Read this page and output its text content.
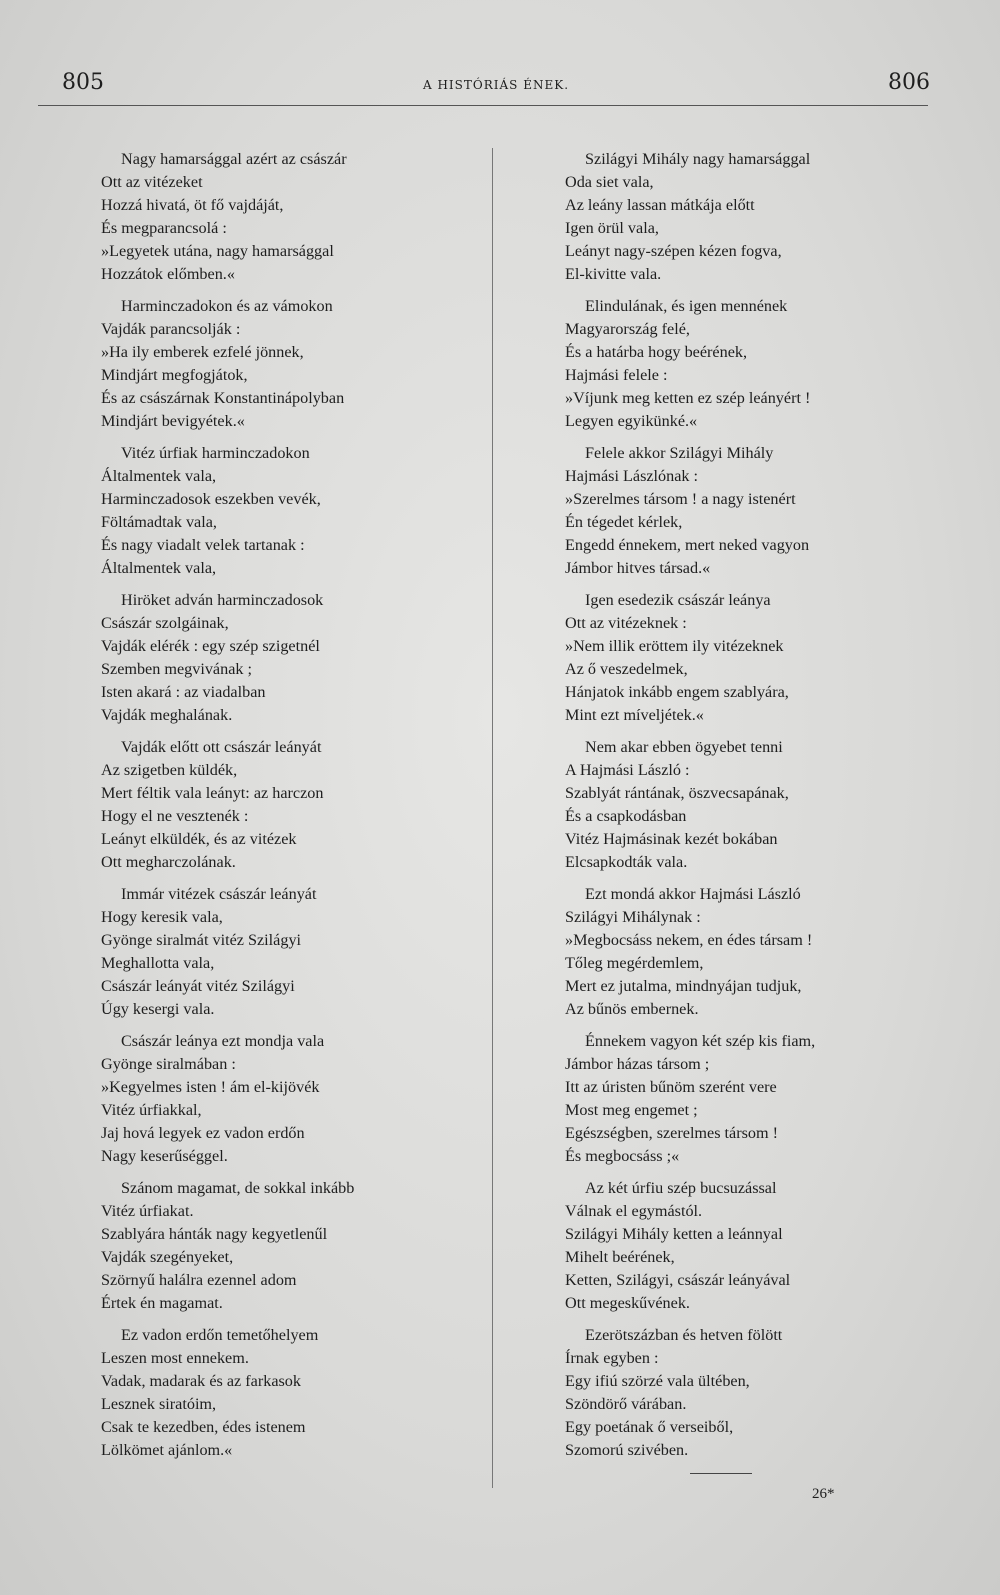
805	A HISTÓRIÁS ÉNEK.	806
Nagy hamarsággal azért az császár
Ott az vitézeket
Hozzá hivatá, öt fő vajdáját,
És megparancsolá :
»Legyetek utána, nagy hamarsággal
Hozzátok előmben.«
Harminczadokon és az vámokon
Vajdák parancsolják :
»Ha ily emberek ezfelé jönnek,
Mindjárt megfogjátok,
És az császárnak Konstantinápolyban
Mindjárt bevigyétek.«
Vitéz úrfiak harminczadokon
Általmentek vala,
Harminczadosok eszekben vevék,
Föltámadtak vala,
És nagy viadalt velek tartanak :
Általmentek vala,
Hiröket adván harminczadosok
Császár szolgáinak,
Vajdák elérék : egy szép szigetnél
Szemben megvivának ;
Isten akará : az viadalban
Vajdák meghalának.
Vajdák előtt ott császár leányát
Az szigetben küldék,
Mert féltik vala leányt: az harczon
Hogy el ne vesztenék :
Leányt elküldék, és az vitézek
Ott megharczolának.
Immár vitézek császár leányát
Hogy keresik vala,
Gyönge siralmát vitéz Szilágyi
Meghallotta vala,
Császár leányát vitéz Szilágyi
Úgy kesergi vala.
Császár leánya ezt mondja vala
Gyönge siralmában :
»Kegyelmes isten ! ám el-kijövék
Vitéz úrfiakkal,
Jaj hová legyek ez vadon erdőn
Nagy keserűséggel.
Szánom magamat, de sokkal inkább
Vitéz úrfiakat.
Szablyára hánták nagy kegyetlenűl
Vajdák szegényeket,
Szörnyű halálra ezennel adom
Értek én magamat.
Ez vadon erdőn temetőhelyem
Leszen most ennekem.
Vadak, madarak és az farkasok
Lesznek siratóim,
Csak te kezedben, édes istenem
Lölkömet ajánlom.«
Szilágyi Mihály nagy hamarsággal
Oda siet vala,
Az leány lassan mátkája előtt
Igen örül vala,
Leányt nagy-szépen kézen fogva,
El-kivitte vala.
Elindulának, és igen mennének
Magyarország felé,
És a határba hogy beérének,
Hajmási felele :
»Víjunk meg ketten ez szép leányért !
Legyen egyikünké.«
Felele akkor Szilágyi Mihály
Hajmási Lászlónak :
»Szerelmes társom ! a nagy istenért
Én tégedet kérlek,
Engedd énnekem, mert neked vagyon
Jámbor hitves társad.«
Igen esedezik császár leánya
Ott az vitézeknek :
»Nem illik eröttem ily vitézeknek
Az ő veszedelmek,
Hánjatok inkább engem szablyára,
Mint ezt míveljétek.«
Nem akar ebben ögyebet tenni
A Hajmási László :
Szablyát rántának, öszvecsapának,
És a csapkodásban
Vitéz Hajmásinak kezét bokában
Elcsapkodták vala.
Ezt mondá akkor Hajmási László
Szilágyi Mihálynak :
»Megbocsáss nekem, en édes társam !
Tőleg megérdemlem,
Mert ez jutalma, mindnyájan tudjuk,
Az bűnös embernek.
Énnekem vagyon két szép kis fiam,
Jámbor házas társom ;
Itt az úristen bűnöm szerént vere
Most meg engemet ;
Egészségben, szerelmes társom !
És megbocsáss ;«
Az két úrfiu szép bucsuzással
Válnak el egymástól.
Szilágyi Mihály ketten a leánnyal
Mihelt beérének,
Ketten, Szilágyi, császár leányával
Ott megeskűvének.
Ezerötszázban és hetven fölött
Írnak egyben :
Egy ifiú szörzé vala ültében,
Szöndörő várában.
Egy poetának ő verseiből,
Szomorú szivében.
26*
